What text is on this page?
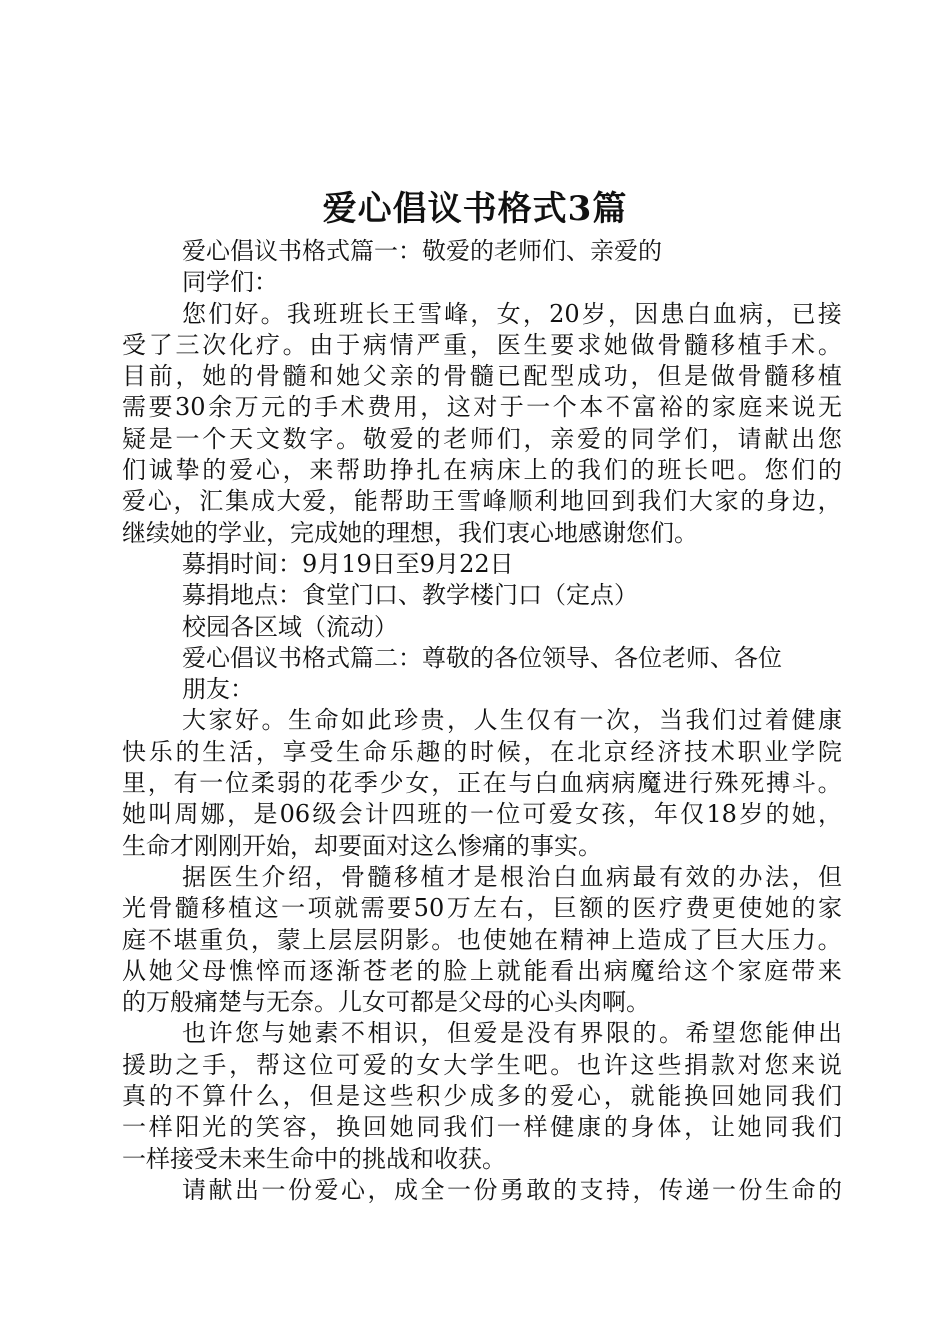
爱心倡议书格式3篇
爱心倡议书格式篇一：敬爱的老师们、亲爱的
同学们：
您 们 好 。 我 班 班 长 王 雪 峰 ， 女 ， 20 岁 ， 因 患 白 血 病 ， 已 接
受 了 三 次 化 疗 。 由 于 病 情 严 重 ， 医 生 要 求 她 做 骨 髓 移 植 手 术 。
目 前 ， 她 的 骨 髓 和 她 父 亲 的 骨 髓 已 配 型 成 功 ， 但 是 做 骨 髓 移 植
需 要 30 余 万 元 的 手 术 费 用 ， 这 对 于 一 个 本 不 富 裕 的 家 庭 来 说 无
疑 是 一 个 天 文 数 字 。 敬 爱 的 老 师 们 ， 亲 爱 的 同 学 们 ， 请 献 出 您
们 诚 挚 的 爱 心 ， 来 帮 助 挣 扎 在 病 床 上 的 我 们 的 班 长 吧 。 您 们 的
爱 心 ， 汇 集 成 大 爱 ， 能 帮 助 王 雪 峰 顺 利 地 回 到 我 们 大 家 的 身 边 ，
继续她的学业，完成她的理想，我们衷心地感谢您们。
募捐时间：9月19日至9月22日
募捐地点：食堂门口、教学楼门口（定点）
校园各区域（流动）
爱心倡议书格式篇二：尊敬的各位领导、各位老师、各位
朋友：
大 家 好 。 生 命 如 此 珍 贵 ， 人 生 仅 有 一 次 ， 当 我 们 过 着 健 康
快 乐 的 生 活 ， 享 受 生 命 乐 趣 的 时 候 ， 在 北 京 经 济 技 术 职 业 学 院
里 ， 有 一 位 柔 弱 的 花 季 少 女 ， 正 在 与 白 血 病 病 魔 进 行 殊 死 搏 斗 。
她 叫 周 娜 ， 是 06 级 会 计 四 班 的 一 位 可 爱 女 孩 ， 年 仅 18 岁 的 她 ，
生命才刚刚开始，却要面对这么惨痛的事实。
据 医 生 介 绍 ， 骨 髓 移 植 才 是 根 治 白 血 病 最 有 效 的 办 法 ， 但
光 骨 髓 移 植 这 一 项 就 需 要 50 万 左 右 ， 巨 额 的 医 疗 费 更 使 她 的 家
庭 不 堪 重 负 ， 蒙 上 层 层 阴 影 。 也 使 她 在 精 神 上 造 成 了 巨 大 压 力 。
从 她 父 母 憔 悴 而 逐 渐 苍 老 的 脸 上 就 能 看 出 病 魔 给 这 个 家 庭 带 来
的万般痛楚与无奈。儿女可都是父母的心头肉啊。
也 许 您 与 她 素 不 相 识 ， 但 爱 是 没 有 界 限 的 。 希 望 您 能 伸 出
援 助 之 手 ， 帮 这 位 可 爱 的 女 大 学 生 吧 。 也 许 这 些 捐 款 对 您 来 说
真 的 不 算 什 么 ， 但 是 这 些 积 少 成 多 的 爱 心 ， 就 能 换 回 她 同 我 们
一 样 阳 光 的 笑 容 ， 换 回 她 同 我 们 一 样 健 康 的 身 体 ， 让 她 同 我 们
一样接受未来生命中的挑战和收获。
请 献 出 一 份 爱 心 ， 成 全 一 份 勇 敢 的 支 持 ， 传 递 一 份 生 命 的
